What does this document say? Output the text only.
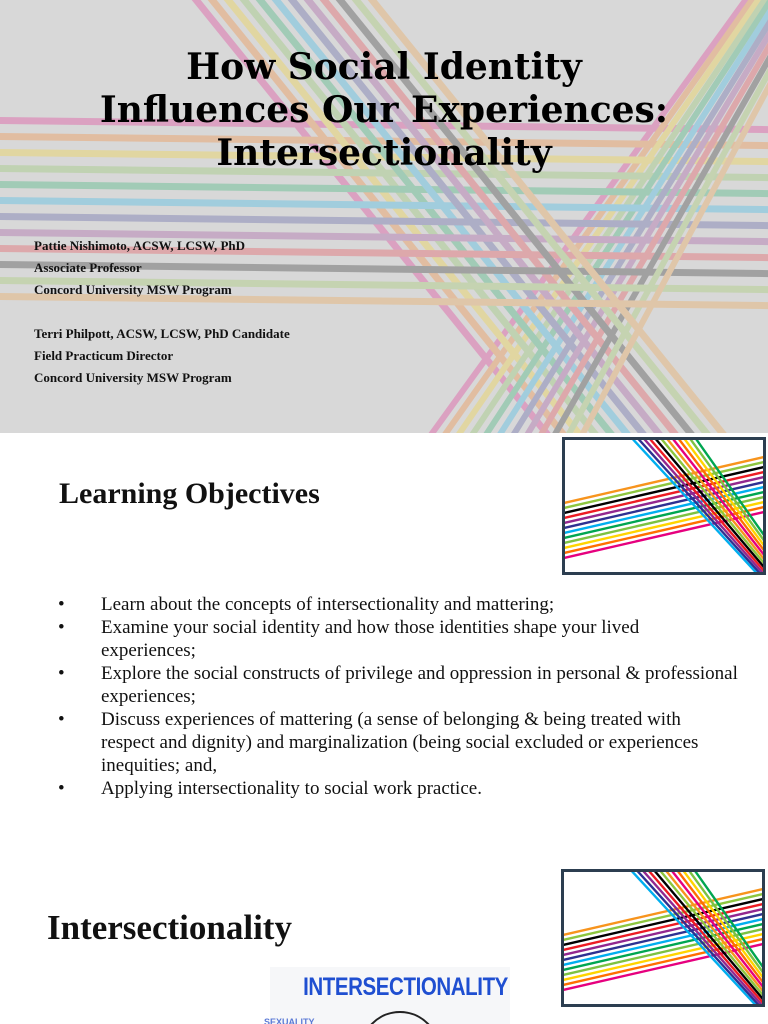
How Social Identity
Influences Our Experiences:
Intersectionality
Pattie Nishimoto, ACSW, LCSW, PhD
Associate Professor
Concord University MSW Program
Terri Philpott, ACSW, LCSW, PhD Candidate
Field Practicum Director
Concord University MSW Program
Learning Objectives
• Learn about the concepts of intersectionality and mattering;
• Examine your social identity and how those identities shape your lived experiences;
• Explore the social constructs of privilege and oppression in personal & professional experiences;
• Discuss experiences of mattering (a sense of belonging & being treated with respect and dignity) and marginalization (being social excluded or experiences inequities; and,
• Applying intersectionality to social work practice.
Intersectionality
INTERSECTIONALITY
SEXUALITY
